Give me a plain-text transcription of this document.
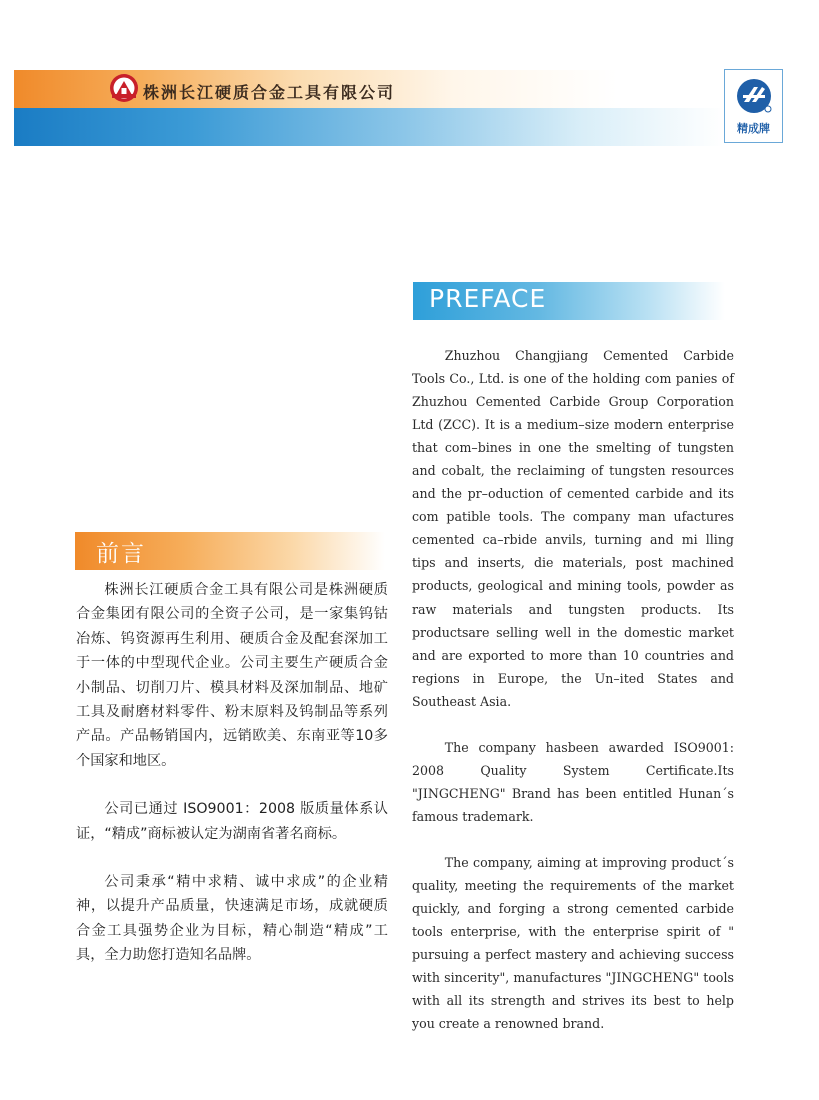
株洲长江硬质合金工具有限公司
精成牌
PREFACE

Zhuzhou Changjiang Cemented Carbide Tools Co., Ltd. is one of the holding com panies of Zhuzhou Cemented Carbide Group Corporation Ltd (ZCC). It is a medium–size modern enterprise that com–bines in one the smelting of tungsten and cobalt, the reclaiming of tungsten resources and the pr–oduction of cemented carbide and its com patible tools. The company man ufactures cemented ca–rbide anvils, turning and mi lling tips and inserts, die materials, post machined products, geological and mining tools, powder as raw materials and tungsten products. Its productsare selling well in the domestic market and are exported to more than 10 countries and regions in Europe, the Un–ited States and Southeast Asia.

The company hasbeen awarded ISO9001: 2008 Quality System Certificate.Its "JINGCHENG" Brand has been entitled Hunan´s famous trademark.

The company, aiming at improving product´s quality, meeting the requirements of the market quickly, and forging a strong cemented carbide tools enterprise, with the enterprise spirit of " pursuing a perfect mastery and achieving success with sincerity", manufactures "JINGCHENG" tools with all its strength and strives its best to help you create a renowned brand.

前言

株洲长江硬质合金工具有限公司是株洲硬质合金集团有限公司的全资子公司，是一家集钨钴冶炼、钨资源再生利用、硬质合金及配套深加工于一体的中型现代企业。公司主要生产硬质合金小制品、切削刀片、模具材料及深加制品、地矿工具及耐磨材料零件、粉末原料及钨制品等系列产品。产品畅销国内，远销欧美、东南亚等10多个国家和地区。

公司已通过 ISO9001：2008 版质量体系认证，“精成”商标被认定为湖南省著名商标。

公司秉承“精中求精、诚中求成”的企业精神，以提升产品质量，快速满足市场，成就硬质合金工具强势企业为目标，精心制造“精成”工具，全力助您打造知名品牌。
